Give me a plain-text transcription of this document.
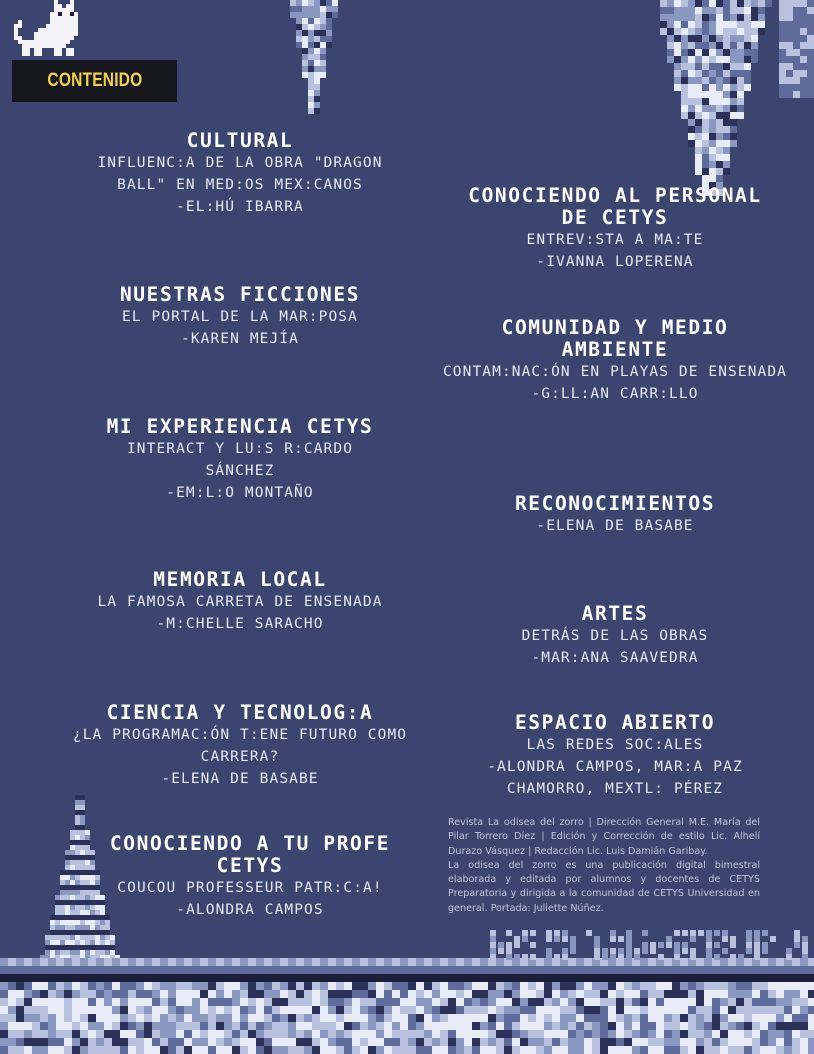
CONTENIDO
CULTURAL
INFLUENC:A DE LA OBRA "DRAGON BALL" EN MED:OS MEX:CANOS
-EL:HÚ IBARRA
NUESTRAS FICCIONES
EL PORTAL DE LA MAR:POSA
-KAREN MEJÍA
MI EXPERIENCIA CETYS
INTERACT Y LU:S R:CARDO SÁNCHEZ
-EM:L:O MONTAÑO
MEMORIA LOCAL
LA FAMOSA CARRETA DE ENSENADA
-M:CHELLE SARACHO
CIENCIA Y TECNOLOG:A
¿LA PROGRAMAC:ÓN T:ENE FUTURO COMO CARRERA?
-ELENA DE BASABE
CONOCIENDO A TU PROFE CETYS
COUCOU PROFESSEUR PATR:C:A!
-ALONDRA CAMPOS
CONOCIENDO AL PERSONAL DE CETYS
ENTREV:STA A MA:TE
-IVANNA LOPERENA
COMUNIDAD Y MEDIO AMBIENTE
CONTAM:NAC:ÓN EN PLAYAS DE ENSENADA
-G:LL:AN CARR:LLO
RECONOCIMIENTOS
-ELENA DE BASABE
ARTES
DETRÁS DE LAS OBRAS
-MAR:ANA SAAVEDRA
ESPACIO ABIERTO
LAS REDES SOC:ALES
-ALONDRA CAMPOS, MAR:A PAZ CHAMORRO, MEXTL: PÉREZ

Revista La odisea del zorro | Dirección General M.E. María del Pilar Torrero Díez | Edición y Corrección de estilo Lic. Alhelí Durazo Vásquez | Redacción Lic. Luis Damián Garibay.

La odisea del zorro es una publicación digital bimestral elaborada y editada por alumnos y docentes de CETYS Preparatoria y dirigida a la comunidad de CETYS Universidad en general. Portada: Juliette Núñez.
